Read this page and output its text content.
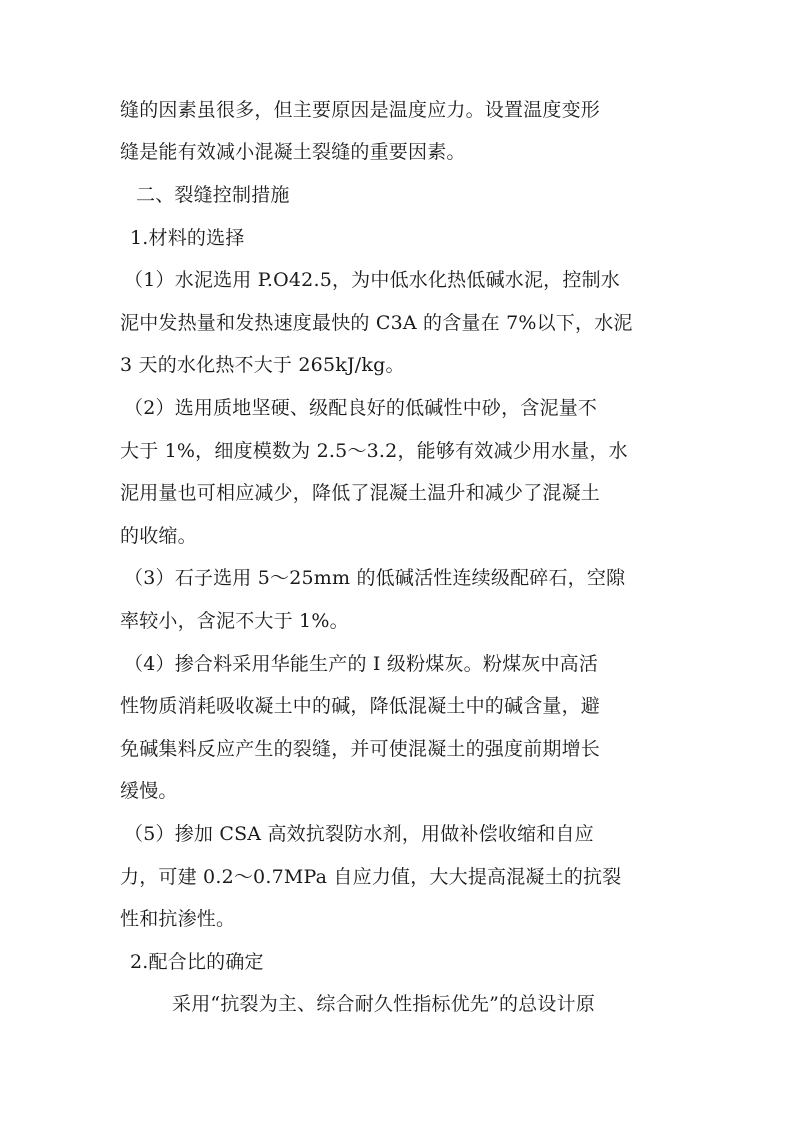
缝的因素虽很多，但主要原因是温度应力。设置温度变形
缝是能有效减小混凝土裂缝的重要因素。
二、裂缝控制措施
1.材料的选择
（1）水泥选用 P.O42.5，为中低水化热低碱水泥，控制水
泥中发热量和发热速度最快的 C3A 的含量在 7%以下，水泥
3 天的水化热不大于 265kJ/kg。
（2）选用质地坚硬、级配良好的低碱性中砂，含泥量不
大于 1%，细度模数为 2.5～3.2，能够有效减少用水量，水
泥用量也可相应减少，降低了混凝土温升和减少了混凝土
的收缩。
（3）石子选用 5～25mm 的低碱活性连续级配碎石，空隙
率较小，含泥不大于 1%。
（4）掺合料采用华能生产的 I 级粉煤灰。粉煤灰中高活
性物质消耗吸收凝土中的碱，降低混凝土中的碱含量，避
免碱集料反应产生的裂缝，并可使混凝土的强度前期增长
缓慢。
（5）掺加 CSA 高效抗裂防水剂，用做补偿收缩和自应
力，可建 0.2～0.7MPa 自应力值，大大提高混凝土的抗裂
性和抗渗性。
2.配合比的确定
采用“抗裂为主、综合耐久性指标优先”的总设计原
